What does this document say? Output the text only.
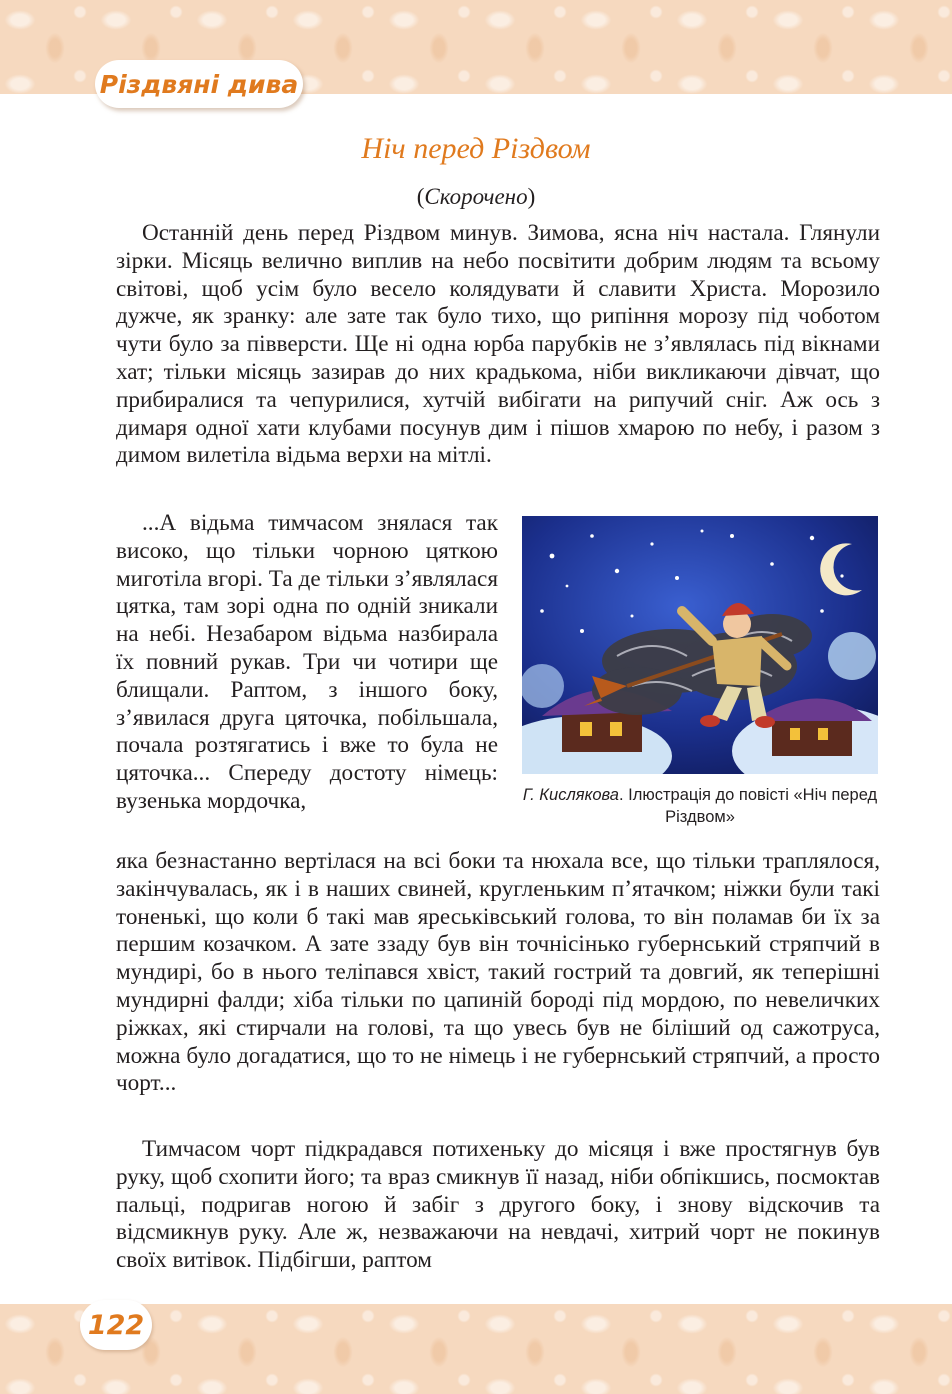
Різдвяні дива
Ніч перед Різдвом
(Скорочено)

Останній день перед Різдвом минув. Зимова, ясна ніч настала. Глянули зірки. Місяць велично виплив на небо посвітити добрим людям та всьому світові, щоб усім було весело колядувати й славити Христа. Морозило дужче, як зранку: але зате так було тихо, що рипіння морозу під чоботом чути було за півверсти. Ще ні одна юрба парубків не з’являлась під вікнами хат; тільки місяць зазирав до них крадькома, ніби викликаючи дівчат, що прибиралися та чепурилися, хутчій вибігати на рипучий сніг. Аж ось з димаря одної хати клубами посунув дим і пішов хмарою по небу, і разом з димом вилетіла відьма верхи на мітлі.

...А відьма тимчасом знялася так високо, що тільки чорною цяткою миготіла вгорі. Та де тільки з’являлася цятка, там зорі одна по одній зникали на небі. Незабаром відьма назбирала їх повний рукав. Три чи чотири ще блищали. Раптом, з іншого боку, з’явилася друга цяточка, побільшала, почала розтягатись і вже то була не цяточка... Спереду достоту німець: вузенька мордочка,	Г. Кислякова. Ілюстрація до повісті «Ніч перед Різдвом»

яка безнастанно вертілася на всі боки та нюхала все, що тільки траплялося, закінчувалась, як і в наших свиней, кругленьким п’ятачком; ніжки були такі тоненькі, що коли б такі мав яреськівський голова, то він поламав би їх за першим козачком. А зате ззаду був він точнісінько губернський стряпчий в мундирі, бо в нього теліпався хвіст, такий гострий та довгий, як теперішні мундирні фалди; хіба тільки по цапиній бороді під мордою, по невеличких ріжках, які стирчали на голові, та що увесь був не біліший од сажотруса, можна було догадатися, що то не німець і не губернський стряпчий, а просто чорт...

Тимчасом чорт підкрадався потихеньку до місяця і вже простягнув був руку, щоб схопити його; та враз смикнув її назад, ніби обпікшись, посмоктав пальці, подригав ногою й забіг з другого боку, і знову відскочив та відсмикнув руку. Але ж, незважаючи на невдачі, хитрий чорт не покинув своїх витівок. Підбігши, раптом

122
